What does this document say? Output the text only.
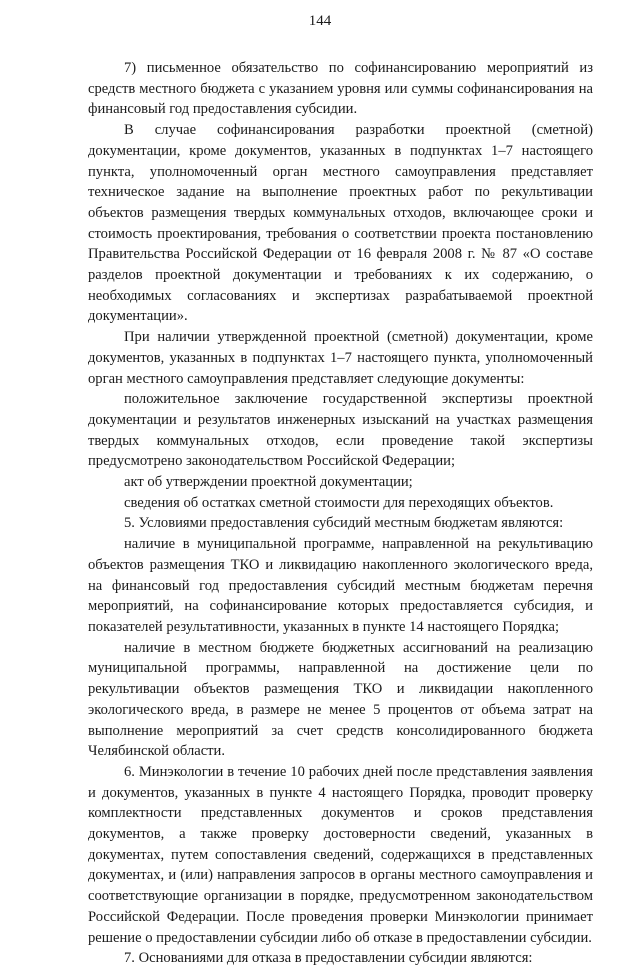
144

7) письменное обязательство по софинансированию мероприятий из средств местного бюджета с указанием уровня или суммы софинансирования на финансовый год предоставления субсидии.

В случае софинансирования разработки проектной (сметной) документации, кроме документов, указанных в подпунктах 1–7 настоящего пункта, уполномоченный орган местного самоуправления представляет техническое задание на выполнение проектных работ по рекультивации объектов размещения твердых коммунальных отходов, включающее сроки и стоимость проектирования, требования о соответствии проекта постановлению Правительства Российской Федерации от 16 февраля 2008 г. № 87 «О составе разделов проектной документации и требованиях к их содержанию, о необходимых согласованиях и экспертизах разрабатываемой проектной документации».

При наличии утвержденной проектной (сметной) документации, кроме документов, указанных в подпунктах 1–7 настоящего пункта, уполномоченный орган местного самоуправления представляет следующие документы:

положительное заключение государственной экспертизы проектной документации и результатов инженерных изысканий на участках размещения твердых коммунальных отходов, если проведение такой экспертизы предусмотрено законодательством Российской Федерации;

акт об утверждении проектной документации;

сведения об остатках сметной стоимости для переходящих объектов.

5. Условиями предоставления субсидий местным бюджетам являются:

наличие в муниципальной программе, направленной на рекультивацию объектов размещения ТКО и ликвидацию накопленного экологического вреда, на финансовый год предоставления субсидий местным бюджетам перечня мероприятий, на софинансирование которых предоставляется субсидия, и показателей результативности, указанных в пункте 14 настоящего Порядка;

наличие в местном бюджете бюджетных ассигнований на реализацию муниципальной программы, направленной на достижение цели по рекультивации объектов размещения ТКО и ликвидации накопленного экологического вреда, в размере не менее 5 процентов от объема затрат на выполнение мероприятий за счет средств консолидированного бюджета Челябинской области.

6. Минэкологии в течение 10 рабочих дней после представления заявления и документов, указанных в пункте 4 настоящего Порядка, проводит проверку комплектности представленных документов и сроков представления документов, а также проверку достоверности сведений, указанных в документах, путем сопоставления сведений, содержащихся в представленных документах, и (или) направления запросов в органы местного самоуправления и соответствующие организации в порядке, предусмотренном законодательством Российской Федерации. После проведения проверки Минэкологии принимает решение о предоставлении субсидии либо об отказе в предоставлении субсидии.

7. Основаниями для отказа в предоставлении субсидии являются:
